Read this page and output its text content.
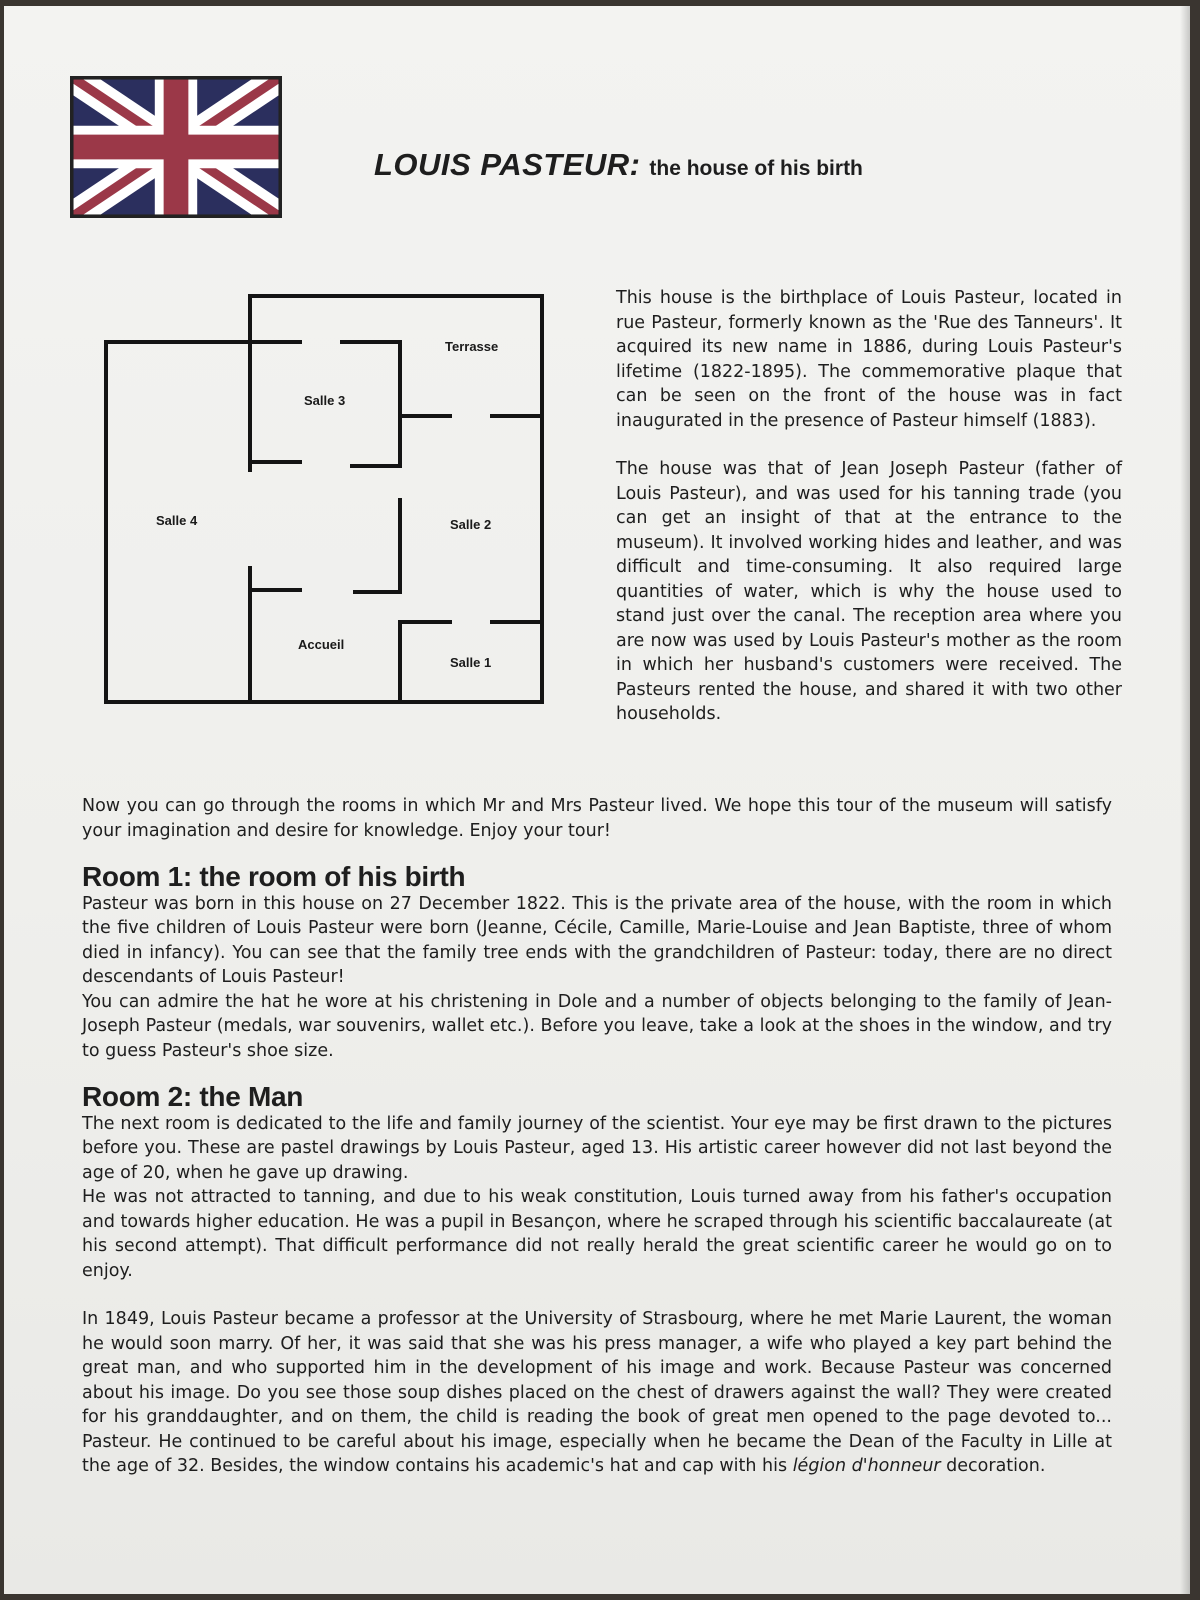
LOUIS PASTEUR: the house of his birth
Terrasse
Salle 3
Salle 4	Salle 2
Accueil
Salle 1

This house is the birthplace of Louis Pasteur, located in rue Pasteur, formerly known as the 'Rue des Tanneurs'. It acquired its new name in 1886, during Louis Pasteur's lifetime (1822-1895). The commemorative plaque that can be seen on the front of the house was in fact inaugurated in the presence of Pasteur himself (1883).

The house was that of Jean Joseph Pasteur (father of Louis Pasteur), and was used for his tanning trade (you can get an insight of that at the entrance to the museum). It involved working hides and leather, and was difficult and time-consuming. It also required large quantities of water, which is why the house used to stand just over the canal. The reception area where you are now was used by Louis Pasteur's mother as the room in which her husband's customers were received. The Pasteurs rented the house, and shared it with two other households.

Now you can go through the rooms in which Mr and Mrs Pasteur lived. We hope this tour of the museum will satisfy your imagination and desire for knowledge. Enjoy your tour!

Room 1: the room of his birth

Pasteur was born in this house on 27 December 1822. This is the private area of the house, with the room in which the five children of Louis Pasteur were born (Jeanne, Cécile, Camille, Marie-Louise and Jean Baptiste, three of whom died in infancy). You can see that the family tree ends with the grandchildren of Pasteur: today, there are no direct descendants of Louis Pasteur!

You can admire the hat he wore at his christening in Dole and a number of objects belonging to the family of Jean-Joseph Pasteur (medals, war souvenirs, wallet etc.). Before you leave, take a look at the shoes in the window, and try to guess Pasteur's shoe size.

Room 2: the Man

The next room is dedicated to the life and family journey of the scientist. Your eye may be first drawn to the pictures before you. These are pastel drawings by Louis Pasteur, aged 13. His artistic career however did not last beyond the age of 20, when he gave up drawing.

He was not attracted to tanning, and due to his weak constitution, Louis turned away from his father's occupation and towards higher education. He was a pupil in Besançon, where he scraped through his scientific baccalaureate (at his second attempt). That difficult performance did not really herald the great scientific career he would go on to enjoy.

In 1849, Louis Pasteur became a professor at the University of Strasbourg, where he met Marie Laurent, the woman he would soon marry. Of her, it was said that she was his press manager, a wife who played a key part behind the great man, and who supported him in the development of his image and work. Because Pasteur was concerned about his image. Do you see those soup dishes placed on the chest of drawers against the wall? They were created for his granddaughter, and on them, the child is reading the book of great men opened to the page devoted to... Pasteur. He continued to be careful about his image, especially when he became the Dean of the Faculty in Lille at the age of 32. Besides, the window contains his academic's hat and cap with his légion d'honneur decoration.
